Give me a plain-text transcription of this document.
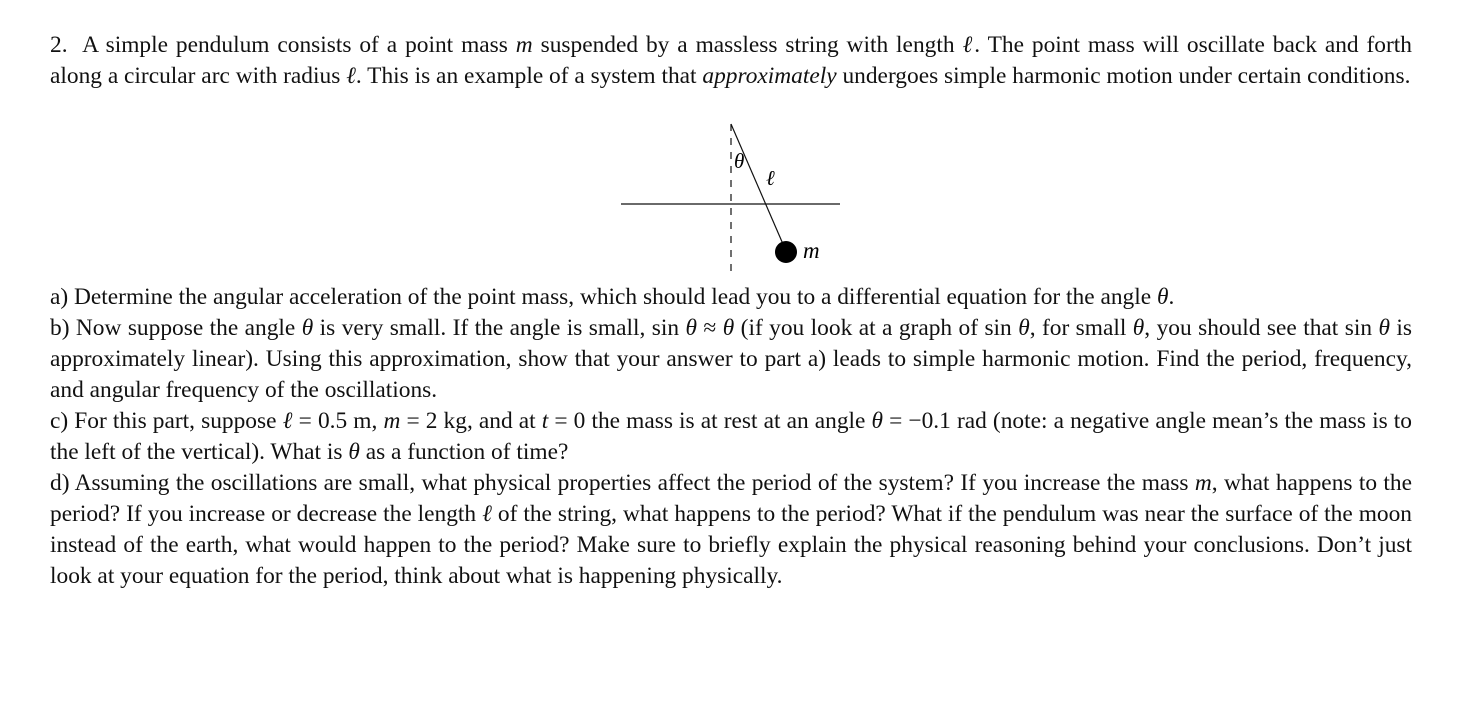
2. A simple pendulum consists of a point mass m suspended by a massless string with length ℓ. The point mass will oscillate back and forth along a circular arc with radius ℓ. This is an example of a system that approximately undergoes simple harmonic motion under certain conditions.

θ
ℓ
m

a) Determine the angular acceleration of the point mass, which should lead you to a differential equation for the angle θ.

b) Now suppose the angle θ is very small. If the angle is small, sin θ ≈ θ (if you look at a graph of sin θ, for small θ, you should see that sin θ is approximately linear). Using this approximation, show that your answer to part a) leads to simple harmonic motion. Find the period, frequency, and angular frequency of the oscillations.

c) For this part, suppose ℓ = 0.5 m, m = 2 kg, and at t = 0 the mass is at rest at an angle θ = −0.1 rad (note: a negative angle mean’s the mass is to the left of the vertical). What is θ as a function of time?

d) Assuming the oscillations are small, what physical properties affect the period of the system? If you increase the mass m, what happens to the period? If you increase or decrease the length ℓ of the string, what happens to the period? What if the pendulum was near the surface of the moon instead of the earth, what would happen to the period? Make sure to briefly explain the physical reasoning behind your conclusions. Don’t just look at your equation for the period, think about what is happening physically.
